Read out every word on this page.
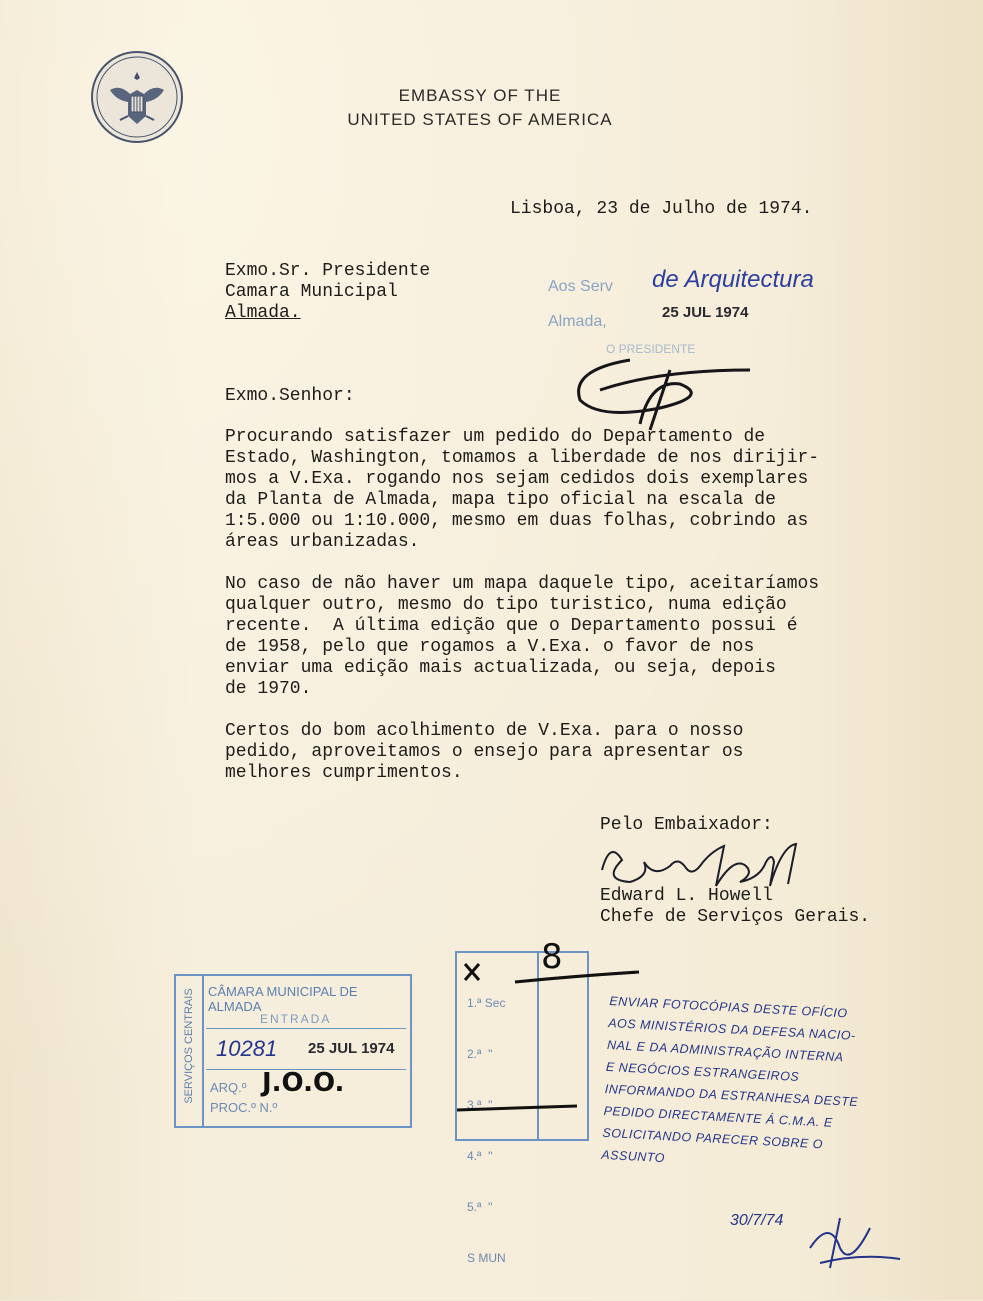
EMBASSY OF THE
UNITED STATES OF AMERICA
Lisboa, 23 de Julho de 1974.
Exmo.Sr. Presidente
Camara Municipal
Almada.
Exmo.Senhor:
Procurando satisfazer um pedido do Departamento de
Estado, Washington, tomamos a liberdade de nos dirijir-
mos a V.Exa. rogando nos sejam cedidos dois exemplares
da Planta de Almada, mapa tipo oficial na escala de
1:5.000 ou 1:10.000, mesmo em duas folhas, cobrindo as
áreas urbanizadas.
No caso de não haver um mapa daquele tipo, aceitaríamos
qualquer outro, mesmo do tipo turistico, numa edição
recente.  A última edição que o Departamento possui é
de 1958, pelo que rogamos a V.Exa. o favor de nos
enviar uma edição mais actualizada, ou seja, depois
de 1970.
Certos do bom acolhimento de V.Exa. para o nosso
pedido, aproveitamos o ensejo para apresentar os
melhores cumprimentos.
Pelo Embaixador:
Edward L. Howell
Chefe de Serviços Gerais.
Aos Serv de Arquitectura
Almada,
25 JUL 1974
O PRESIDENTE
SERVIÇOS CENTRAIS CÂMARA MUNICIPAL DE ALMADA
ENTRADA
10281 25 JUL 1974
ARQ.º J.O.O.
PROC.º N.º

1.ª Sec

2.ª  "

3.ª  "

4.ª  "

5.ª  "

S MUN

8
ENVIAR FOTOCÓPIAS DESTE OFÍCIO
AOS MINISTÉRIOS DA DEFESA NACIO-
NAL E DA ADMINISTRAÇÃO INTERNA
E NEGÓCIOS ESTRANGEIROS
INFORMANDO DA ESTRANHESA DESTE
PEDIDO DIRECTAMENTE Á C.M.A. E
SOLICITANDO PARECER SOBRE O
ASSUNTO
30/7/74
